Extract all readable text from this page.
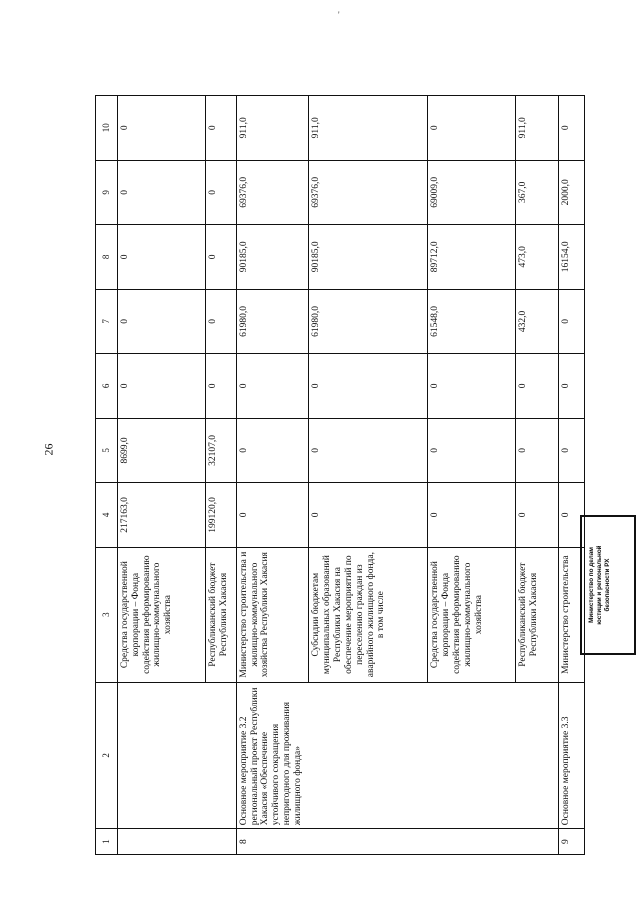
26
'
1	2	3	4	5	6	7	8	9	10
		Средства государственной корпорации – Фонда содействия реформированию жилищно-коммунального хозяйства	217163,0	8699,0	0	0	0	0	0
		Республиканский бюджет Республики Хакасия	199120,0	32107,0	0	0	0	0	0
8	Основное мероприятие 3.2 региональный проект Республики Хакасия «Обеспечение устойчивого сокращения непригодного для проживания жилищного фонда»	Министерство строительства и жилищно-коммунального хозяйства Республики Хакасия	0	0	0	61980,0	90185,0	69376,0	911,0
		Субсидии бюджетам муниципальных образований Республики Хакасия на обеспечение мероприятий по переселению граждан из аварийного жилищного фонда, в том числе	0	0	0	61980,0	90185,0	69376,0	911,0
		Средства государственной корпорации – Фонда содействия реформированию жилищно-коммунального хозяйства	0	0	0	61548,0	89712,0	69009,0	0
		Республиканский бюджет Республики Хакасия	0	0	0	432,0	473,0	367,0	911,0
9	Основное мероприятие 3.3	Министерство строительства	0	0	0	0	16154,0	2000,0	0
Министерство по делам юстиции и региональной безопасности РХ
